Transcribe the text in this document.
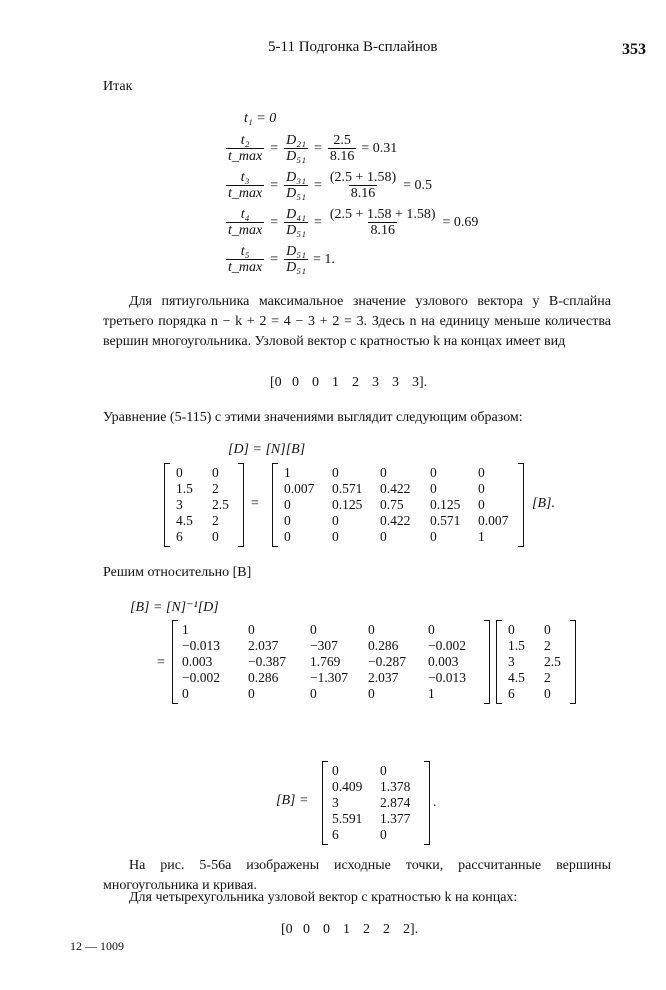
5-11 Подгонка В-сплайнов	353
Итак
t₁ = 0
$\frac{\text{t₂}}{t\_\max} = \frac{\text{D₂₁}}{\text{D₅₁}} = \frac{2.5}{8.16} = 0.31$
$\frac{\text{t₃}}{t\_\max} = \frac{\text{D₃₁}}{\text{D₅₁}} = \frac{(2.5 + 1.58)}{8.16} = 0.5$
$\frac{\text{t₄}}{t\_\max} = \frac{\text{D₄₁}}{\text{D₅₁}} = \frac{(2.5 + 1.58 + 1.58)}{8.16} = 0.69$
$\frac{\text{t₅}}{t\_\max} = \frac{\text{D₅₁}}{\text{D₅₁}} = 1$.
Для пятиугольника максимальное значение узлового вектора у В-сплайна третьего порядка n − k + 2 = 4 − 3 + 2 = 3. Здесь n на единицу меньше количества вершин многоугольника. Узловой вектор с кратностью k на концах имеет вид
[0 0 0 1 2 3 3 3].
Уравнение (5-115) с этими значениями выглядит следующим образом:
[D] = [N][B]
0 0
1.5 2
3 2.5
4.5 2
6 0
=
1	0	0	0	0
0.007 0.571 0.422 0	0
0	0.125 0.75 0.125 0
0	0	0.422 0.571 0.007
0	0	0	0	1
[B].
Решим относительно [B]
[B] = [N]⁻¹[D]
=
1	0	0	0	0
−0.013 2.037 −307 0.286 −0.002
0.003	−0.387 1.769 −0.287 0.003
−0.002 0.286 −1.307 2.037 −0.013
0	0	0	0	1
0 0
1.5 2
3 2.5
4.5 2
6 0
[B] =
0	0
0.409 1.378
3	2.874
5.591 1.377
6	0
.
На рис. 5-56а изображены исходные точки, рассчитанные вершины многоугольника и кривая.
Для четырехугольника узловой вектор с кратностью k на концах:
[0 0 0 1 2 2 2].
12 — 1009
